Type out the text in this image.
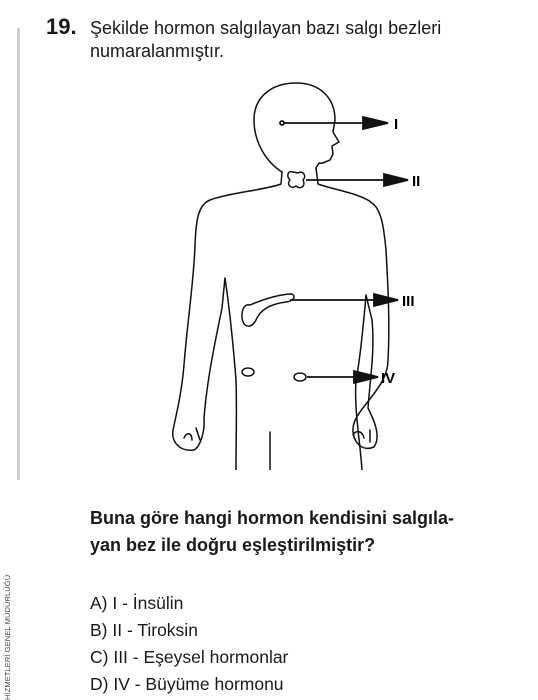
HİZMETLERİ GENEL MÜDÜRLÜĞÜ
19. Şekilde hormon salgılayan bazı salgı bezleri
numaralanmıştır.
I
II
III
IV
Buna göre hangi hormon kendisini salgıla-
yan bez ile doğru eşleştirilmiştir?
A) I - İnsülin
B) II - Tiroksin
C) III - Eşeysel hormonlar
D) IV - Büyüme hormonu
